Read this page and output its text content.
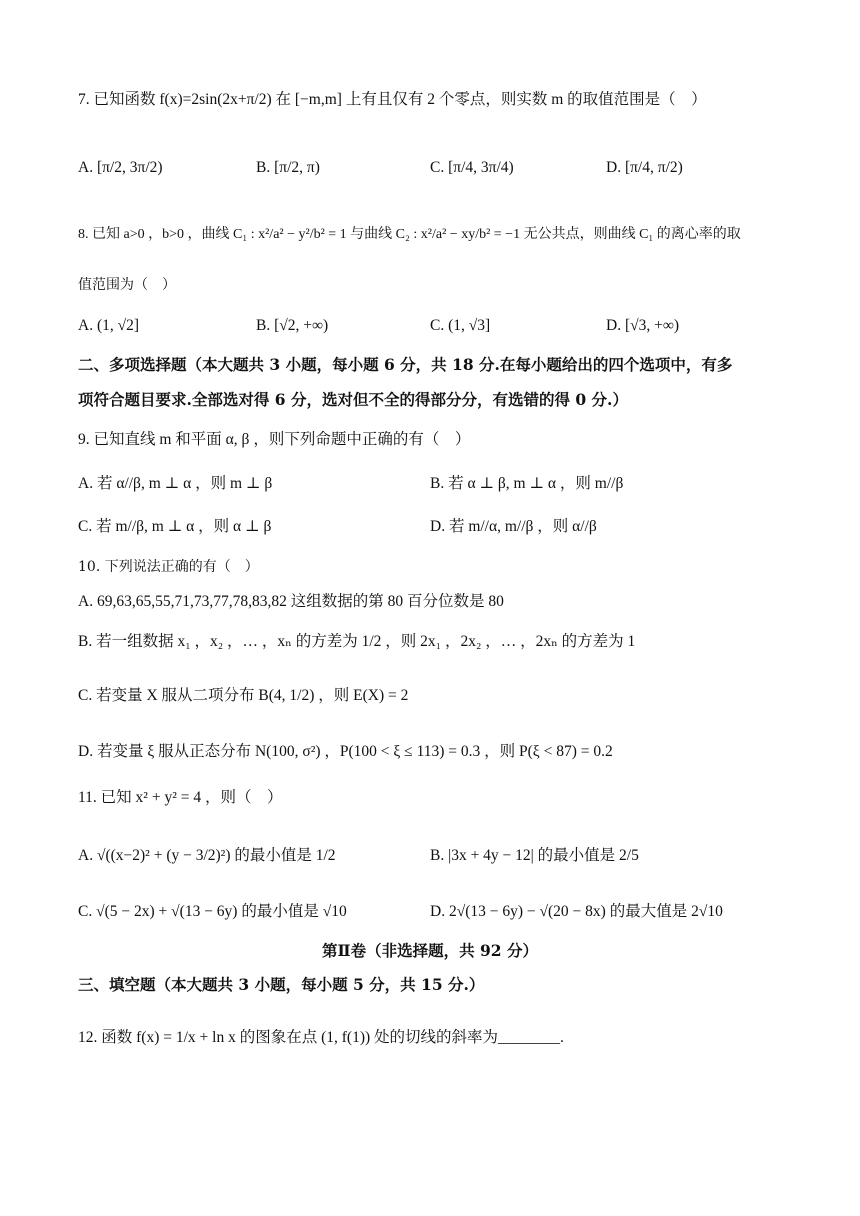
7. 已知函数 f(x)=2sin(2x+π/2) 在 [−m,m] 上有且仅有 2 个零点，则实数 m 的取值范围是（　）
A. [π/2, 3π/2)	B. [π/2, π)	C. [π/4, 3π/4)	D. [π/4, π/2)
8. 已知 a>0 ，b>0 ，曲线 C₁ : x²/a² − y²/b² = 1 与曲线 C₂ : x²/a² − xy/b² = −1 无公共点，则曲线 C₁ 的离心率的取
值范围为（　）
A. (1, √2]	B. [√2, +∞)	C. (1, √3]	D. [√3, +∞)
二、多项选择题（本大题共 3 小题，每小题 6 分，共 18 分.在每小题给出的四个选项中，有多
项符合题目要求.全部选对得 6 分，选对但不全的得部分分，有选错的得 0 分.）
9. 已知直线 m 和平面 α, β ，则下列命题中正确的有（　）
A. 若 α//β, m ⊥ α ，则 m ⊥ β	B. 若 α ⊥ β, m ⊥ α ，则 m//β
C. 若 m//β, m ⊥ α ，则 α ⊥ β	D. 若 m//α, m//β ，则 α//β
10. 下列说法正确的有（　）
A. 69,63,65,55,71,73,77,78,83,82 这组数据的第 80 百分位数是 80
B. 若一组数据 x₁ ，x₂ ，… ，xₙ 的方差为 1/2 ，则 2x₁ ，2x₂ ，… ，2xₙ 的方差为 1
C. 若变量 X 服从二项分布 B(4, 1/2) ，则 E(X) = 2
D. 若变量 ξ 服从正态分布 N(100, σ²) ，P(100 < ξ ≤ 113) = 0.3 ，则 P(ξ < 87) = 0.2
11. 已知 x² + y² = 4 ，则（　）
A. √((x−2)² + (y − 3/2)²) 的最小值是 1/2	B. |3x + 4y − 12| 的最小值是 2/5
C. √(5 − 2x) + √(13 − 6y) 的最小值是 √10	D. 2√(13 − 6y) − √(20 − 8x) 的最大值是 2√10
第Ⅱ卷（非选择题，共 92 分）
三、填空题（本大题共 3 小题，每小题 5 分，共 15 分.）
12. 函数 f(x) = 1/x + ln x 的图象在点 (1, f(1)) 处的切线的斜率为________.
